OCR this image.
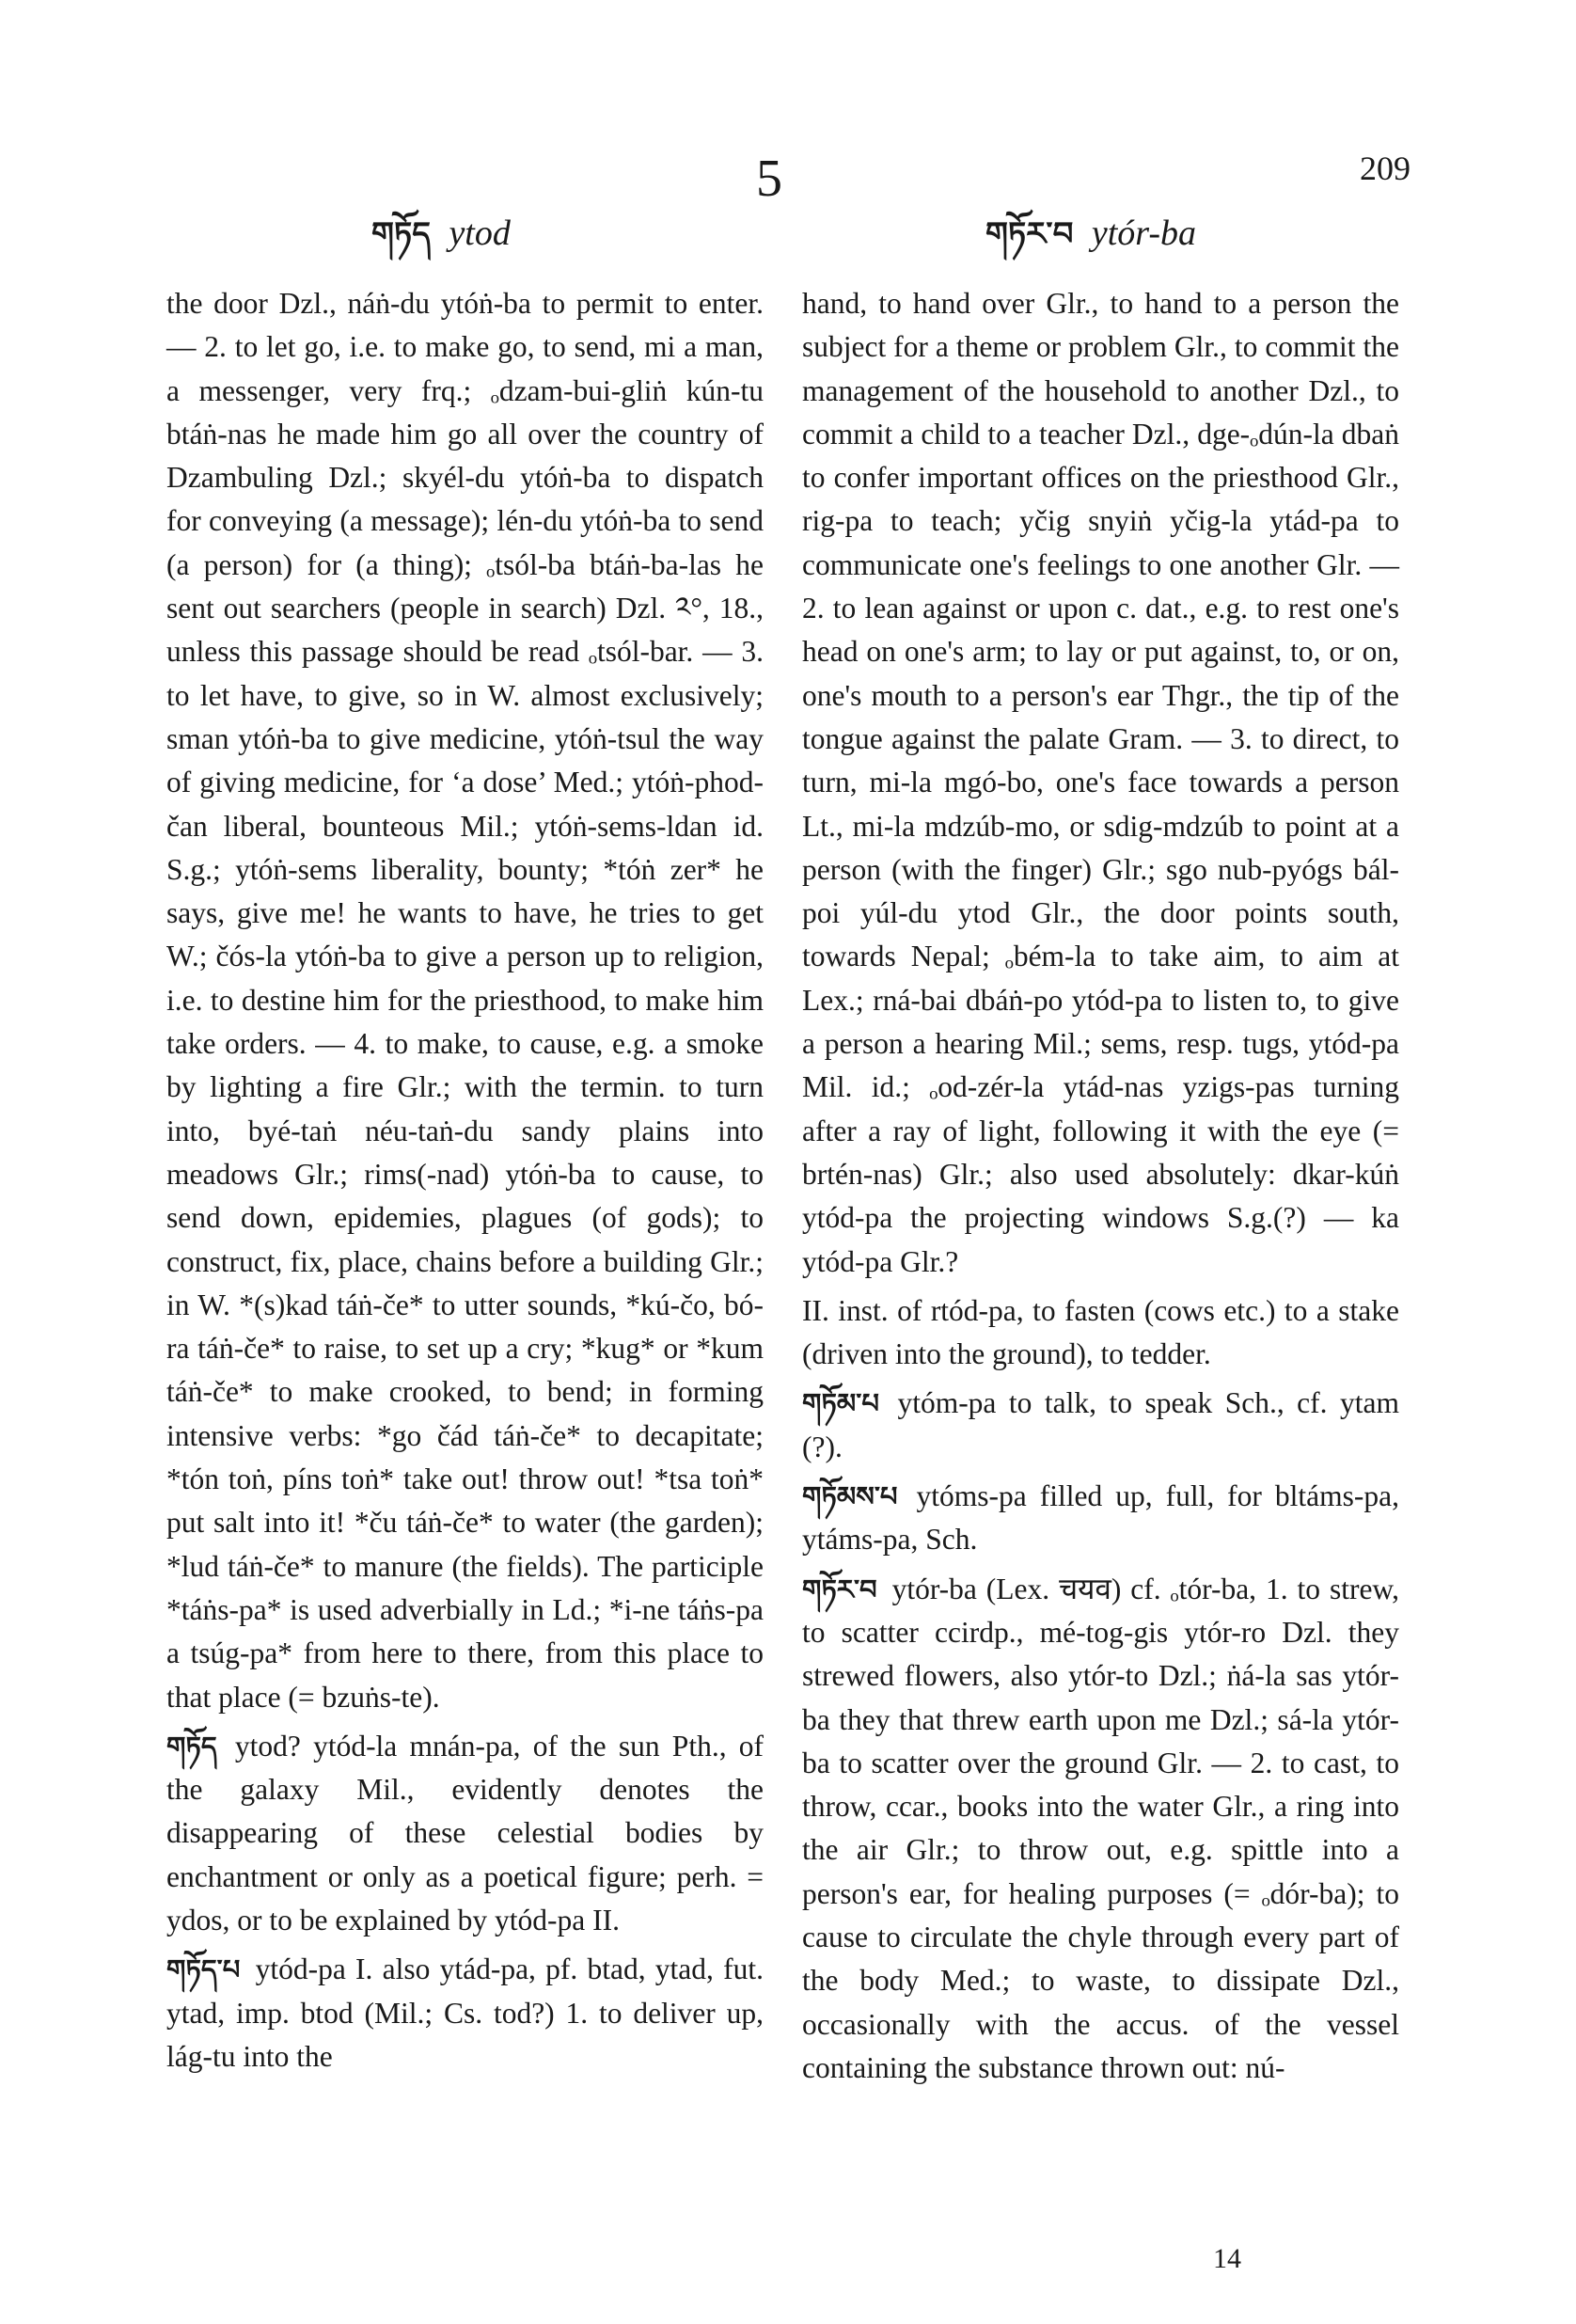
209
5
གཏོད ytod	གཏོར་བ ytór-ba

the door Dzl., náṅ-du ytóṅ-ba to permit to enter. — 2. to let go, i.e. to make go, to send, mi a man, a messenger, very frq.; ₒdzam-bui-gliṅ kún-tu btáṅ-nas he made him go all over the country of Dzambuling Dzl.; skyél-du ytóṅ-ba to dispatch for conveying (a message); lén-du ytóṅ-ba to send (a person) for (a thing); ₒtsól-ba btáṅ-ba-las he sent out searchers (people in search) Dzl. ༢°, 18., unless this passage should be read ₒtsól-bar. — 3. to let have, to give, so in W. almost exclusively; sman ytóṅ-ba to give medicine, ytóṅ-tsul the way of giving medicine, for ‘a dose’ Med.; ytóṅ-phod-čan liberal, bounteous Mil.; ytóṅ-sems-ldan id. S.g.; ytóṅ-sems liberality, bounty; *tóṅ zer* he says, give me! he wants to have, he tries to get W.; čós-la ytóṅ-ba to give a person up to religion, i.e. to destine him for the priesthood, to make him take orders. — 4. to make, to cause, e.g. a smoke by lighting a fire Glr.; with the termin. to turn into, byé-taṅ néu-taṅ-du sandy plains into meadows Glr.; rims(-nad) ytóṅ-ba to cause, to send down, epidemies, plagues (of gods); to construct, fix, place, chains before a building Glr.; in W. *(s)kad táṅ-če* to utter sounds, *kú-čo, bó-ra táṅ-če* to raise, to set up a cry; *kug* or *kum táṅ-če* to make crooked, to bend; in forming intensive verbs: *go čád táṅ-če* to decapitate; *tón toṅ, píns toṅ* take out! throw out! *tsa toṅ* put salt into it! *ču táṅ-če* to water (the garden); *lud táṅ-če* to manure (the fields). The participle *táṅs-pa* is used adverbially in Ld.; *i-ne táṅs-pa a tsúg-pa* from here to there, from this place to that place (= bzuṅs-te).

གཏོད ytod? ytód-la mnán-pa, of the sun Pth., of the galaxy Mil., evidently denotes the disappearing of these celestial bodies by enchantment or only as a poetical figure; perh. = ydos, or to be explained by ytód-pa II.

གཏོད་པ ytód-pa I. also ytád-pa, pf. btad, ytad, fut. ytad, imp. btod (Mil.; Cs. tod?) 1. to deliver up, lág-tu into the

hand, to hand over Glr., to hand to a person the subject for a theme or problem Glr., to commit the management of the household to another Dzl., to commit a child to a teacher Dzl., dge-ₒdún-la dbaṅ to confer important offices on the priesthood Glr., rig-pa to teach; yčig snyiṅ yčig-la ytád-pa to communicate one's feelings to one another Glr. — 2. to lean against or upon c. dat., e.g. to rest one's head on one's arm; to lay or put against, to, or on, one's mouth to a person's ear Thgr., the tip of the tongue against the palate Gram. — 3. to direct, to turn, mi-la mgó-bo, one's face towards a person Lt., mi-la mdzúb-mo, or sdig-mdzúb to point at a person (with the finger) Glr.; sgo nub-pyógs bál-poi yúl-du ytod Glr., the door points south, towards Nepal; ₒbém-la to take aim, to aim at Lex.; rná-bai dbáṅ-po ytód-pa to listen to, to give a person a hearing Mil.; sems, resp. tugs, ytód-pa Mil. id.; ₒod-zér-la ytád-nas yzigs-pas turning after a ray of light, following it with the eye (= brtén-nas) Glr.; also used absolutely: dkar-kúṅ ytód-pa the projecting windows S.g.(?) — ka ytód-pa Glr.?

II. inst. of rtód-pa, to fasten (cows etc.) to a stake (driven into the ground), to tedder.

གཏོམ་པ ytóm-pa to talk, to speak Sch., cf. ytam (?).

གཏོམས་པ ytóms-pa filled up, full, for bltáms-pa, ytáms-pa, Sch.

གཏོར་བ ytór-ba (Lex. चयव) cf. ₒtór-ba, 1. to strew, to scatter ccirdp., mé-tog-gis ytór-ro Dzl. they strewed flowers, also ytór-to Dzl.; ṅá-la sas ytór-ba they that threw earth upon me Dzl.; sá-la ytór-ba to scatter over the ground Glr. — 2. to cast, to throw, ccar., books into the water Glr., a ring into the air Glr.; to throw out, e.g. spittle into a person's ear, for healing purposes (= ₒdór-ba); to cause to circulate the chyle through every part of the body Med.; to waste, to dissipate Dzl., occasionally with the accus. of the vessel containing the substance thrown out: nú-

14
